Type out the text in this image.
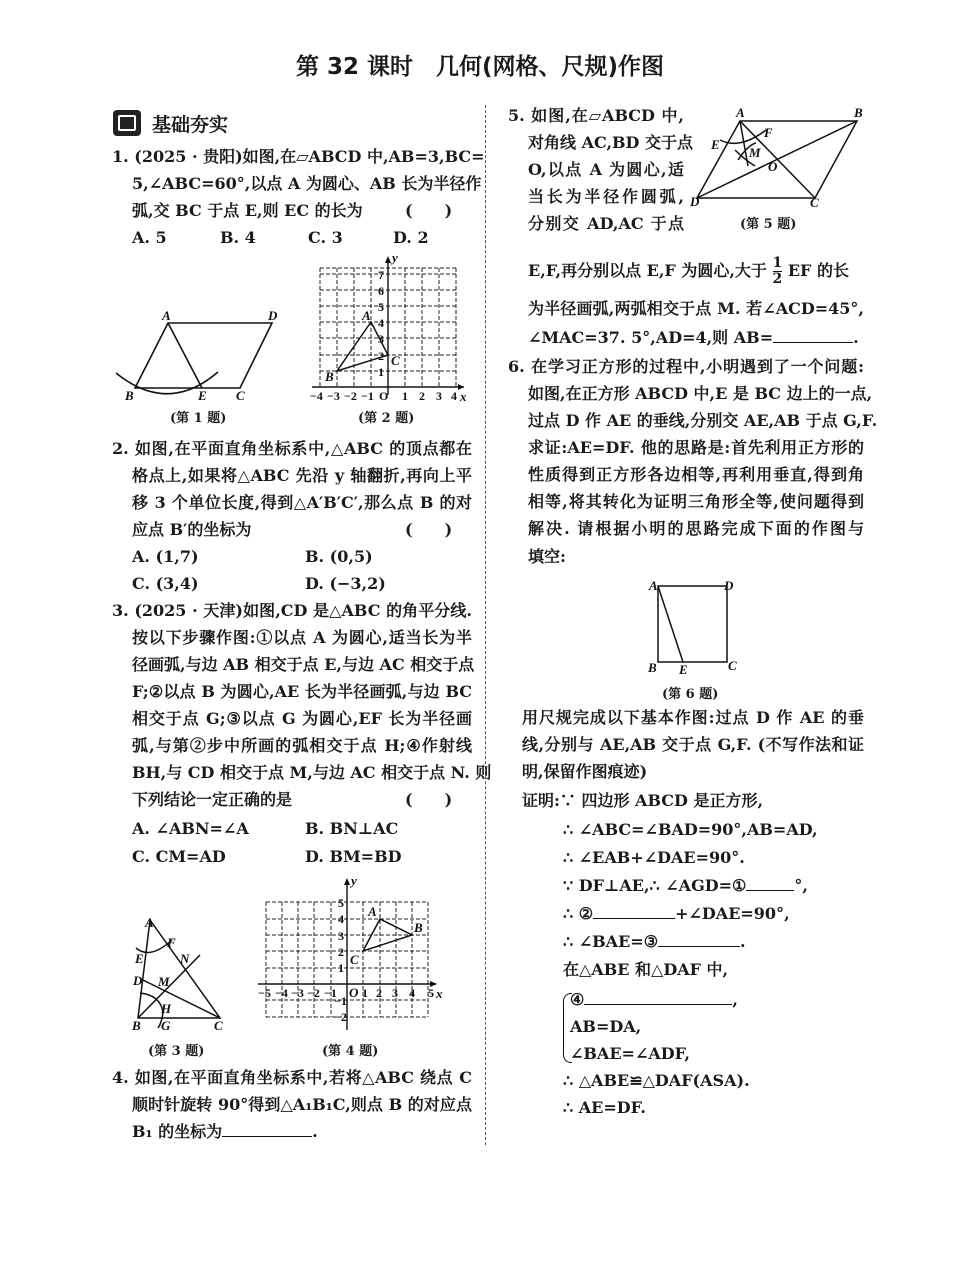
第 32 课时　几何(网格、尺规)作图
基础夯实
1. (2025 · 贵阳)如图,在▱ABCD 中,AB=3,BC=
5,∠ABC=60°,以点 A 为圆心、AB 长为半径作
弧,交 BC 于点 E,则 EC 的长为	(　　)
A. 5	B. 4	C. 3	D. 2
A	D
B	E C
(第 1 题)
y
x
O
A
B
C
−4 −3 −2 −1 1 2 3 4
1
2
3
4
5
6
7
(第 2 题)
2. 如图,在平面直角坐标系中,△ABC 的顶点都在
格点上,如果将△ABC 先沿 y 轴翻折,再向上平
移 3 个单位长度,得到△A′B′C′,那么点 B 的对
应点 B′的坐标为	(　　)
A. (1,7)	B. (0,5)
C. (3,4)	D. (−3,2)
3. (2025 · 天津)如图,CD 是△ABC 的角平分线.
按以下步骤作图:①以点 A 为圆心,适当长为半
径画弧,与边 AB 相交于点 E,与边 AC 相交于点
F;②以点 B 为圆心,AE 长为半径画弧,与边 BC
相交于点 G;③以点 G 为圆心,EF 长为半径画
弧,与第②步中所画的弧相交于点 H;④作射线
BH,与 CD 相交于点 M,与边 AC 相交于点 N. 则
下列结论一定正确的是	(　　)
A. ∠ABN=∠A	B. BN⊥AC
C. CM=AD	D. BM=BD
A
F
E	N
D M
H
B G	C
(第 3 题)
y
x
O
A
B
C
−5 −4 −3 −2 −1 1 2 3 4 5
−2
−1
1
2
3
4
5
(第 4 题)
4. 如图,在平面直角坐标系中,若将△ABC 绕点 C
顺时针旋转 90°得到△A₁B₁C,则点 B 的对应点
B₁ 的坐标为	.
5. 如图,在▱ABCD 中,
对角线 AC,BD 交于点
O,以点 A 为圆心,适
当长为半径作圆弧,
分别交 AD,AC 于点
E,F,再分别以点 E,F 为圆心,大于 $\frac{1}{2}$ EF 的长
为半径画弧,两弧相交于点 M. 若∠ACD=45°,
∠MAC=37. 5°,AD=4,则 AB=	.
A	B
F
E
M
O
D	C
(第 5 题)
6. 在学习正方形的过程中,小明遇到了一个问题:
如图,在正方形 ABCD 中,E 是 BC 边上的一点,
过点 D 作 AE 的垂线,分别交 AE,AB 于点 G,F.
求证:AE=DF. 他的思路是:首先利用正方形的
性质得到正方形各边相等,再利用垂直,得到角
相等,将其转化为证明三角形全等,使问题得到
解决. 请根据小明的思路完成下面的作图与
填空:
A	D
B E	C
(第 6 题)
用尺规完成以下基本作图:过点 D 作 AE 的垂
线,分别与 AE,AB 交于点 G,F. (不写作法和证
明,保留作图痕迹)
证明:∵ 四边形 ABCD 是正方形,
∴ ∠ABC=∠BAD=90°,AB=AD,
∴ ∠EAB+∠DAE=90°.
∵ DF⊥AE,∴ ∠AGD=①	°,
∴ ②	+∠DAE=90°,
∴ ∠BAE=③	.
在△ABE 和△DAF 中,
④	,
AB=DA,
∠BAE=∠ADF,
∴ △ABE≌△DAF(ASA).
∴ AE=DF.
